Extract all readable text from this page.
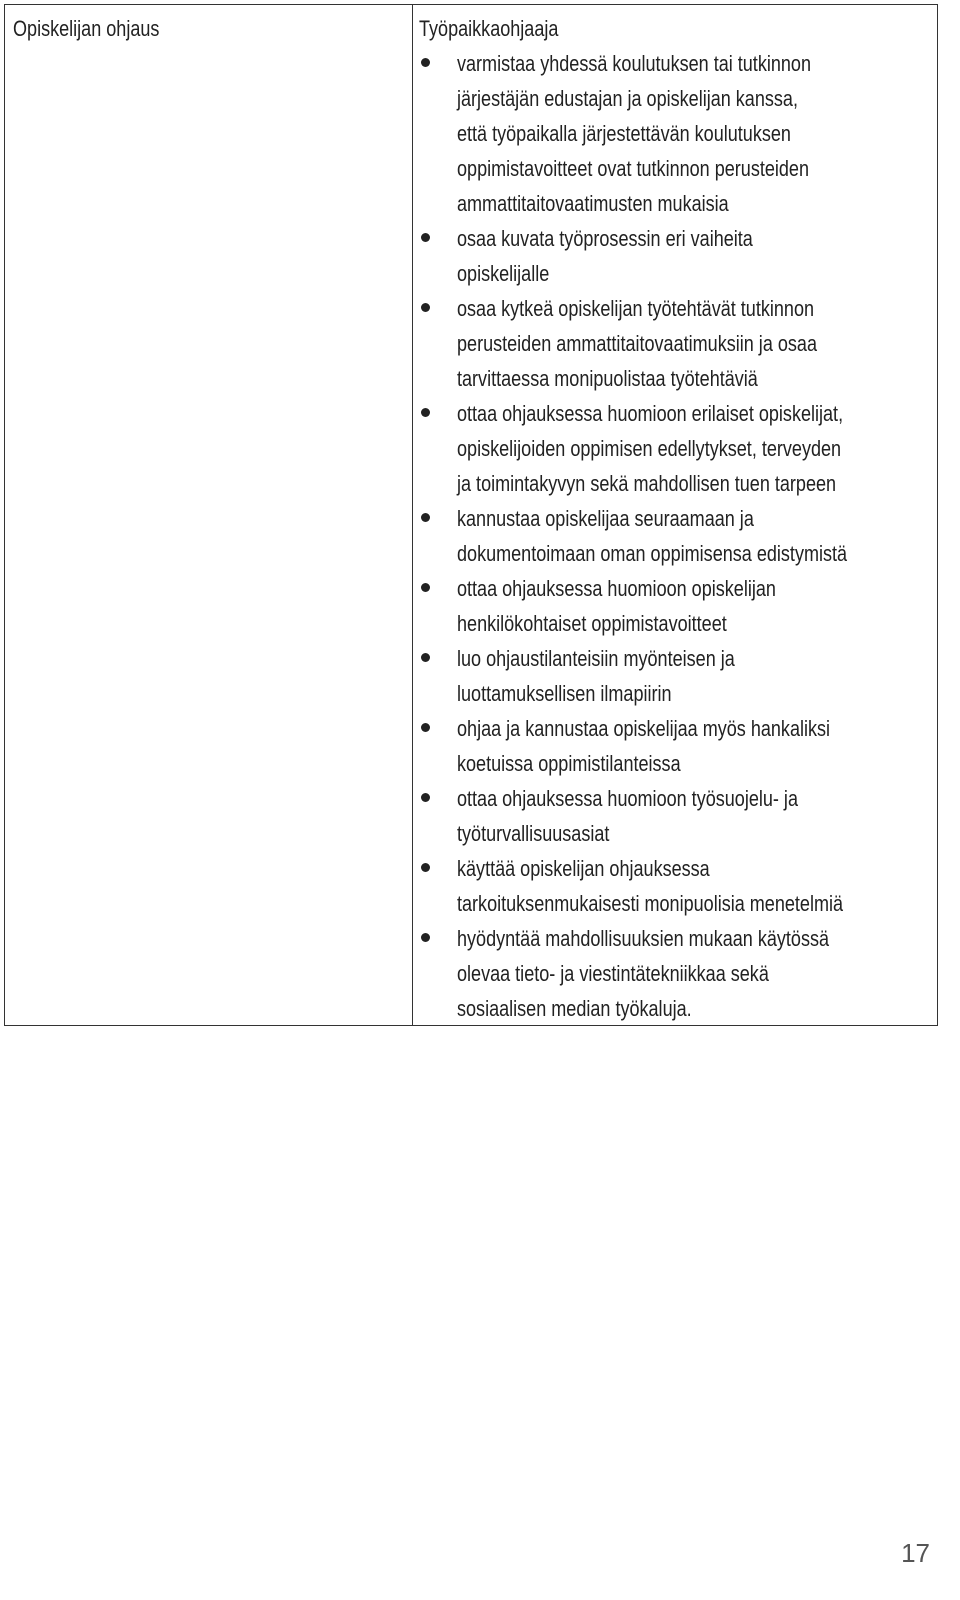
Opiskelijan ohjaus	Työpaikkaohjaaja
varmistaa yhdessä koulutuksen tai tutkinnon
järjestäjän edustajan ja opiskelijan kanssa,
että työpaikalla järjestettävän koulutuksen
oppimistavoitteet ovat tutkinnon perusteiden
ammattitaitovaatimusten mukaisia
osaa kuvata työprosessin eri vaiheita
opiskelijalle
osaa kytkeä opiskelijan työtehtävät tutkinnon
perusteiden ammattitaitovaatimuksiin ja osaa
tarvittaessa monipuolistaa työtehtäviä
ottaa ohjauksessa huomioon erilaiset opiskelijat,
opiskelijoiden oppimisen edellytykset, terveyden
ja toimintakyvyn sekä mahdollisen tuen tarpeen
kannustaa opiskelijaa seuraamaan ja
dokumentoimaan oman oppimisensa edistymistä
ottaa ohjauksessa huomioon opiskelijan
henkilökohtaiset oppimistavoitteet
luo ohjaustilanteisiin myönteisen ja
luottamuksellisen ilmapiirin
ohjaa ja kannustaa opiskelijaa myös hankaliksi
koetuissa oppimistilanteissa
ottaa ohjauksessa huomioon työsuojelu- ja
työturvallisuusasiat
käyttää opiskelijan ohjauksessa
tarkoituksenmukaisesti monipuolisia menetelmiä
hyödyntää mahdollisuuksien mukaan käytössä
olevaa tieto- ja viestintätekniikkaa sekä
sosiaalisen median työkaluja.
17
